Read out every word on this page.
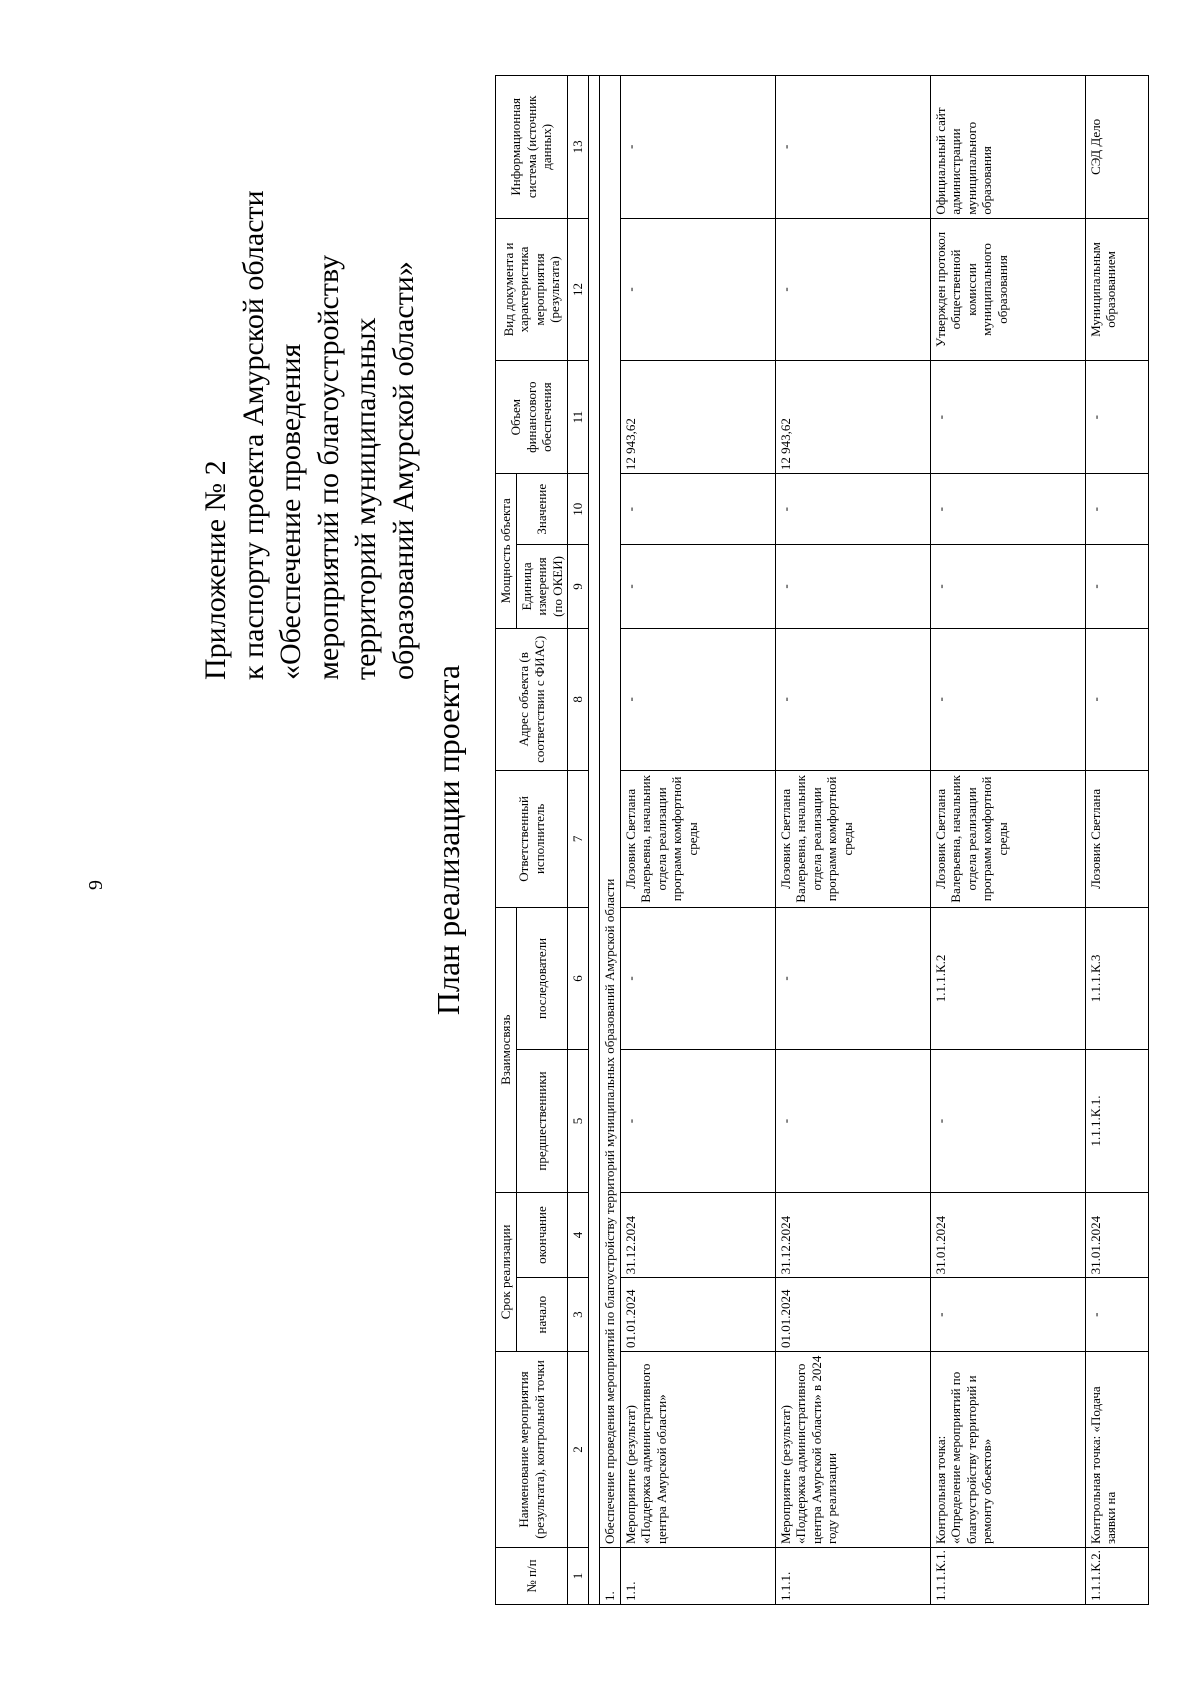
9
Приложение № 2 к паспорту проекта Амурской области «Обеспечение проведения мероприятий по благоустройству территорий муниципальных образований Амурской области»
План реализации проекта
№ п/п	Наименование мероприятия (результата), контрольной точки	Срок реализации		Взаимосвязь		Ответственный исполнитель	Адрес объекта (в соответствии с ФИАС)	Мощность объекта		Объем финансового обеспечения	Вид документа и характеристика мероприятия (результата)	Информационная система (источник данных)
		начало	окончание	предшественники	последователи			Единица измерения (по ОКЕИ)	Значение			
1	2	3	4	5	6	7	8	9	10	11	12	13

1.	Обеспечение проведения мероприятий по благоустройству территорий муниципальных образований Амурской области											
1.1.	Мероприятие (результат) «Поддержка административного центра Амурской области»	01.01.2024	31.12.2024	-	-	Лозовик Светлана Валерьевна, начальник отдела реализации программ комфортной среды	-	-	-	12 943,62	-	-
1.1.1.	Мероприятие (результат) «Поддержка административного центра Амурской области» в 2024 году реализации	01.01.2024	31.12.2024	-	-	Лозовик Светлана Валерьевна, начальник отдела реализации программ комфортной среды	-	-	-	12 943,62	-	-
1.1.1.К.1.	Контрольная точка: «Определение мероприятий по благоустройству территорий и ремонту объектов»	-	31.01.2024	-	1.1.1.К.2	Лозовик Светлана Валерьевна, начальник отдела реализации программ комфортной среды	-	-	-	-	Утвержден протокол общественной комиссии муниципального образования	Официальный сайт администрации муниципального образования
1.1.1.К.2.	Контрольная точка: «Подача заявки на	-	31.01.2024	1.1.1.К.1.	1.1.1.К.3	Лозовик Светлана	-	-	-	-	Муниципальным образованием	СЭД Дело
